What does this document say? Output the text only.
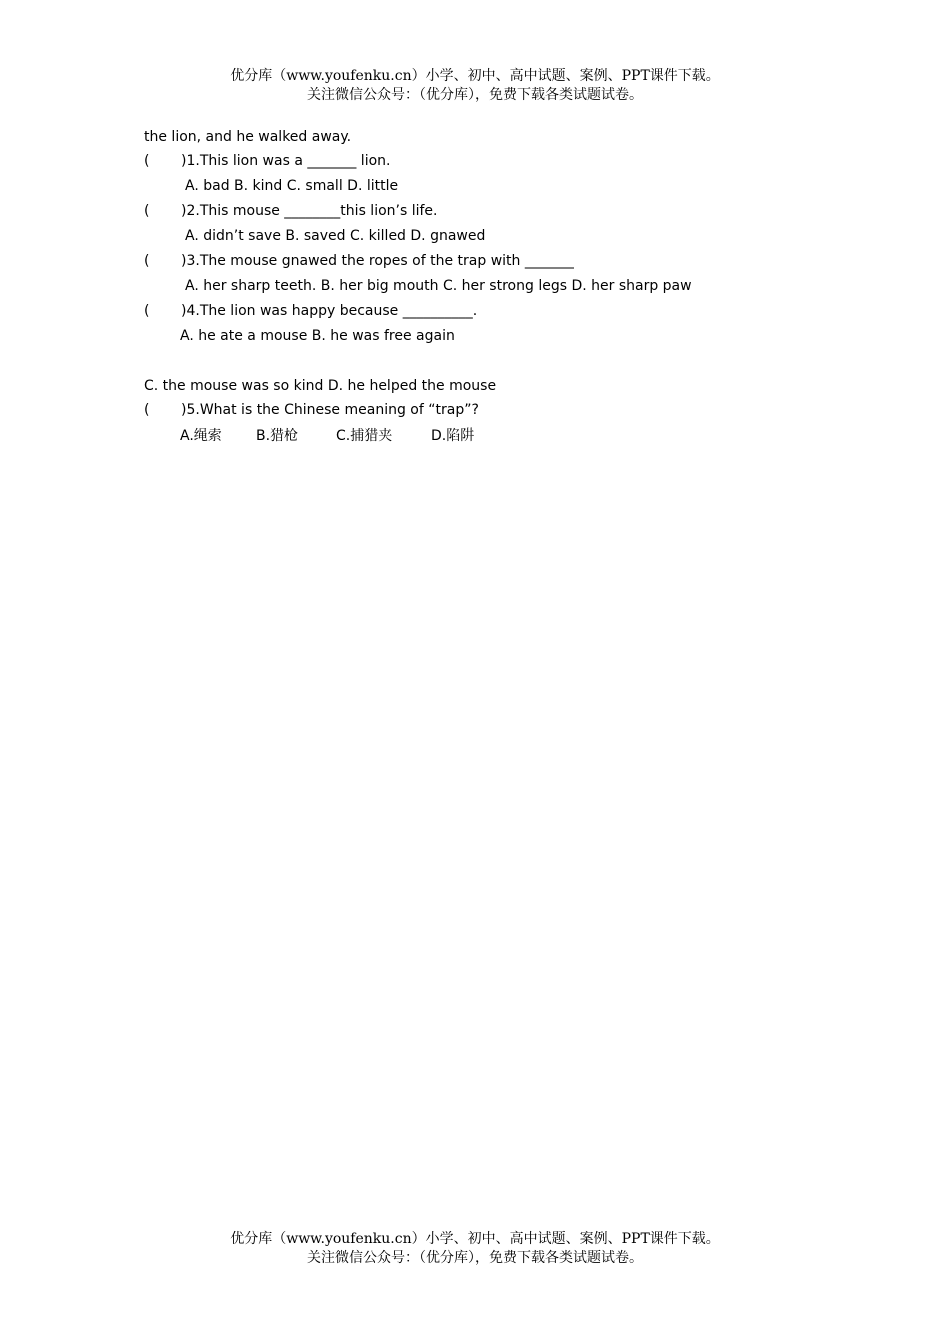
优分库（www.youfenku.cn）小学、初中、高中试题、案例、PPT课件下载。
关注微信公众号：（优分库），免费下载各类试题试卷。
the lion, and he walked away.
( )1.This lion was a _______ lion.
A. bad B. kind C. small D. little
( )2.This mouse ________this lion’s life.
A. didn’t save B. saved C. killed D. gnawed
( )3.The mouse gnawed the ropes of the trap with _______
A. her sharp teeth. B. her big mouth C. her strong legs D. her sharp paw
( )4.The lion was happy because __________.
A. he ate a mouse B. he was free again
C. the mouse was so kind D. he helped the mouse
( )5.What is the Chinese meaning of “trap”?
A.绳索 B.猎枪	C.捕猎夹	D.陷阱
优分库（www.youfenku.cn）小学、初中、高中试题、案例、PPT课件下载。
关注微信公众号：（优分库），免费下载各类试题试卷。
